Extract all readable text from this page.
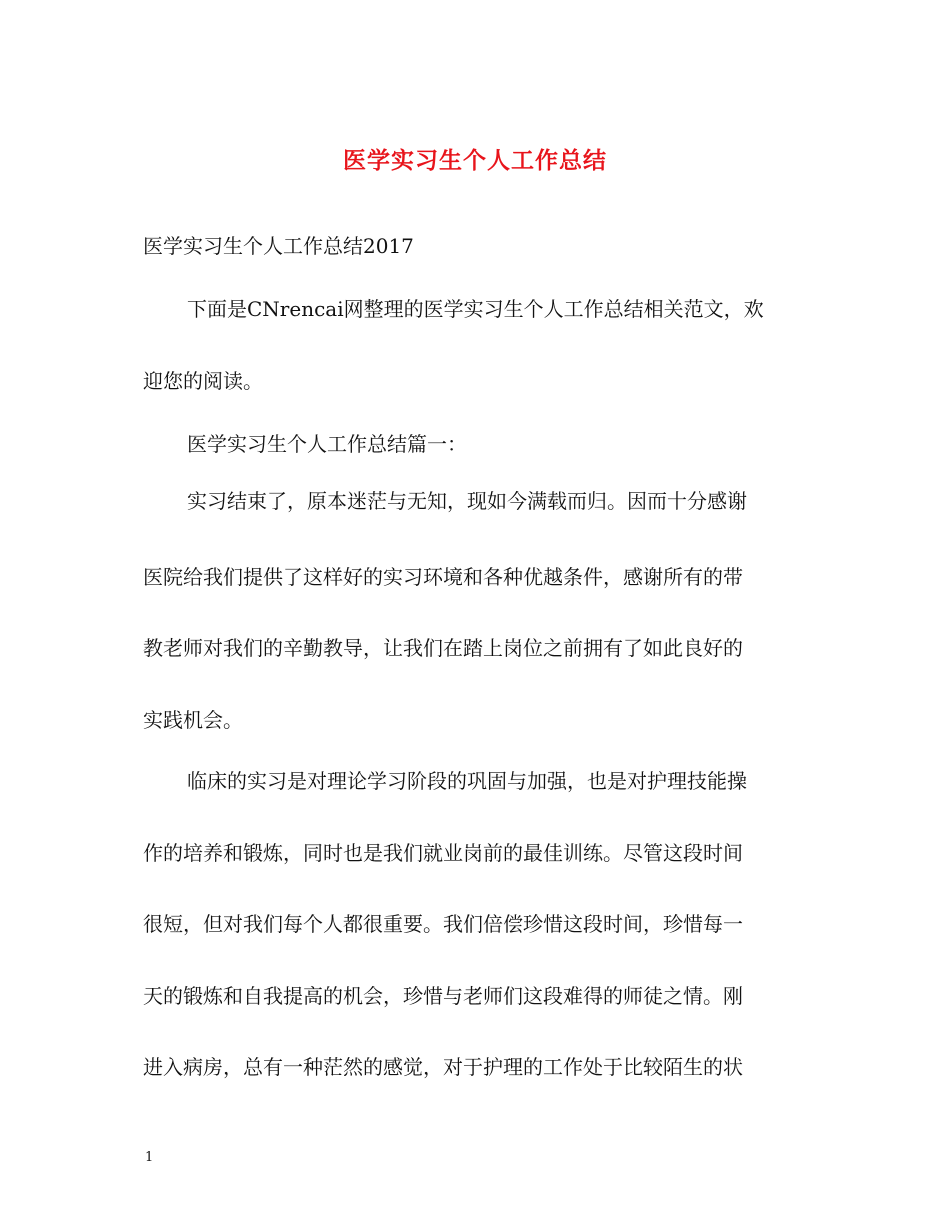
医学实习生个人工作总结
医学实习生个人工作总结2017
下面是CNrencai网整理的医学实习生个人工作总结相关范文，欢
迎您的阅读。
医学实习生个人工作总结篇一：
实习结束了，原本迷茫与无知，现如今满载而归。因而十分感谢
医院给我们提供了这样好的实习环境和各种优越条件，感谢所有的带
教老师对我们的辛勤教导，让我们在踏上岗位之前拥有了如此良好的
实践机会。
临床的实习是对理论学习阶段的巩固与加强，也是对护理技能操
作的培养和锻炼，同时也是我们就业岗前的最佳训练。尽管这段时间
很短，但对我们每个人都很重要。我们倍偿珍惜这段时间，珍惜每一
天的锻炼和自我提高的机会，珍惜与老师们这段难得的师徒之情。刚
进入病房，总有一种茫然的感觉，对于护理的工作处于比较陌生的状
1
